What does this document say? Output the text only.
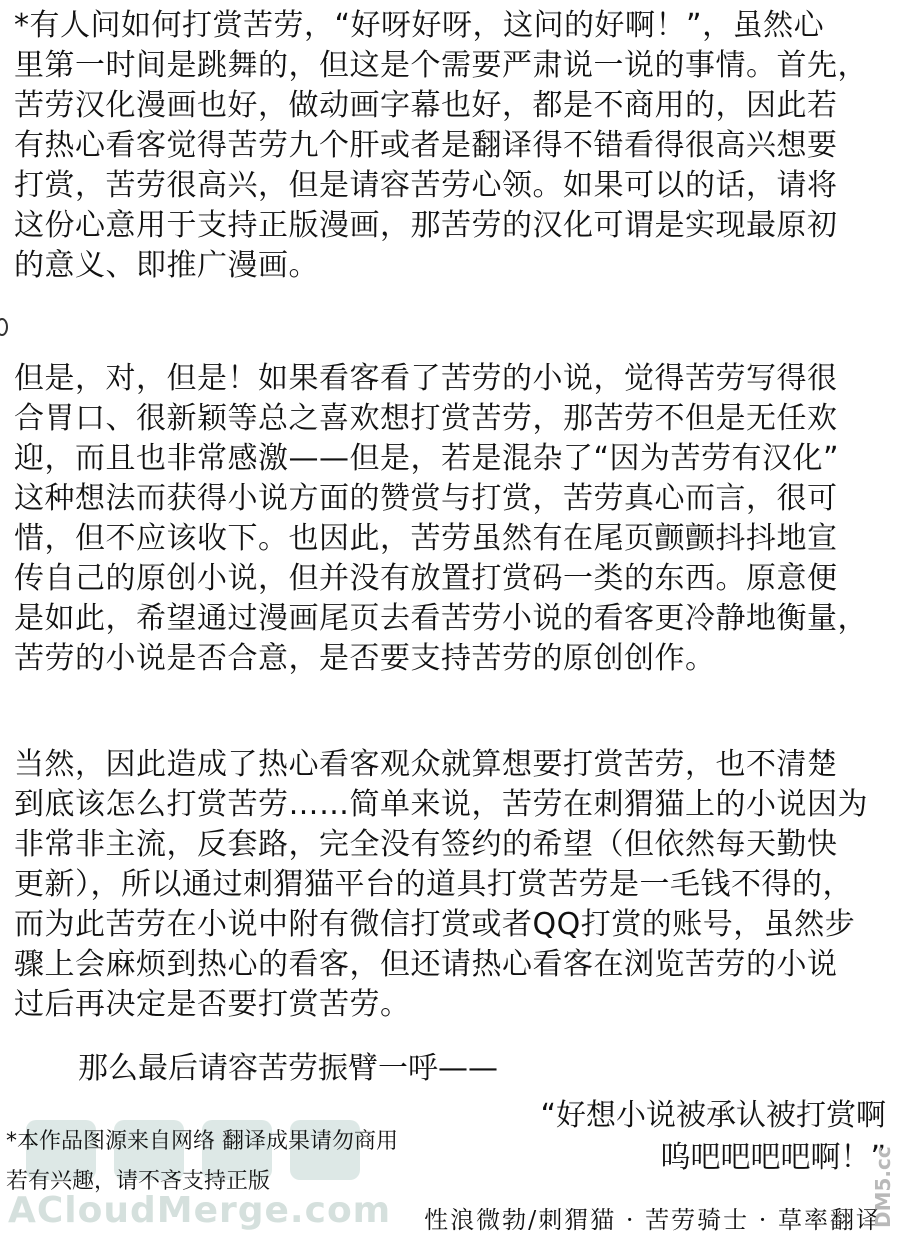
*有人问如何打赏苦劳，“好呀好呀，这问的好啊！”，虽然心
里第一时间是跳舞的，但这是个需要严肃说一说的事情。首先，
苦劳汉化漫画也好，做动画字幕也好，都是不商用的，因此若
有热心看客觉得苦劳九个肝或者是翻译得不错看得很高兴想要
打赏，苦劳很高兴，但是请容苦劳心领。如果可以的话，请将
这份心意用于支持正版漫画，那苦劳的汉化可谓是实现最原初
的意义、即推广漫画。
但是，对，但是！如果看客看了苦劳的小说，觉得苦劳写得很
合胃口、很新颖等总之喜欢想打赏苦劳，那苦劳不但是无任欢
迎，而且也非常感激——但是，若是混杂了“因为苦劳有汉化”
这种想法而获得小说方面的赞赏与打赏，苦劳真心而言，很可
惜，但不应该收下。也因此，苦劳虽然有在尾页颤颤抖抖地宣
传自己的原创小说，但并没有放置打赏码一类的东西。原意便
是如此，希望通过漫画尾页去看苦劳小说的看客更冷静地衡量，
苦劳的小说是否合意，是否要支持苦劳的原创创作。
当然，因此造成了热心看客观众就算想要打赏苦劳，也不清楚
到底该怎么打赏苦劳……简单来说，苦劳在刺猬猫上的小说因为
非常非主流，反套路，完全没有签约的希望（但依然每天勤快
更新），所以通过刺猬猫平台的道具打赏苦劳是一毛钱不得的，
而为此苦劳在小说中附有微信打赏或者QQ打赏的账号，虽然步
骤上会麻烦到热心的看客，但还请热心看客在浏览苦劳的小说
过后再决定是否要打赏苦劳。
那么最后请容苦劳振臂一呼——
*本作品图源来自网络 翻译成果请勿商用
若有兴趣，请不吝支持正版
“好想小说被承认被打赏啊
呜吧吧吧吧啊！”
ACloudMerge.com 性浪微勃/刺猬猫 · 苦劳骑士 · 草率翻译
DM5.cc
